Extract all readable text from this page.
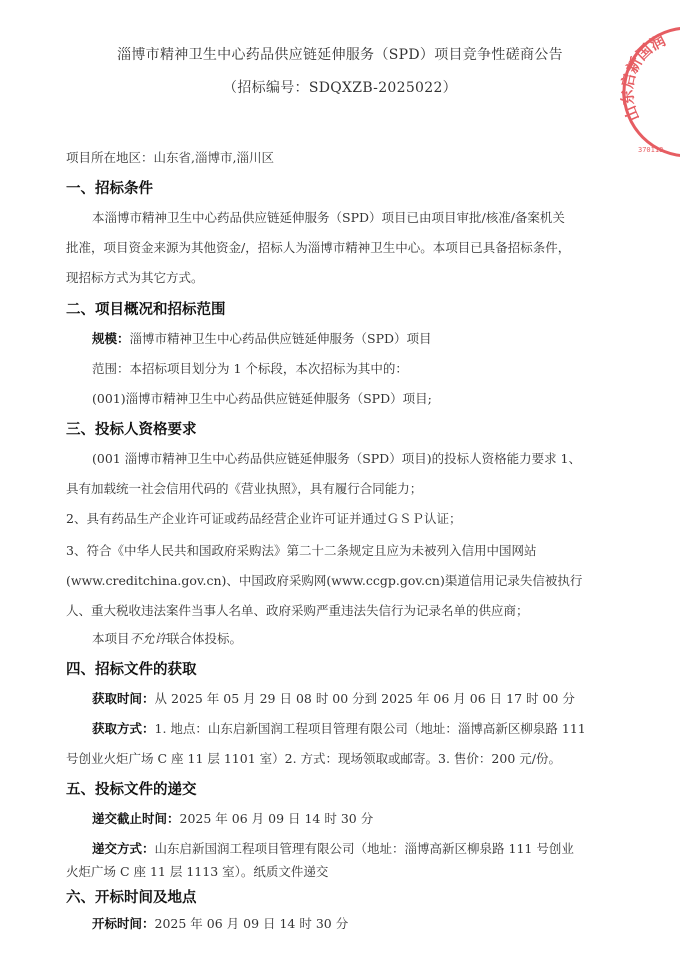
淄博市精神卫生中心药品供应链延伸服务（SPD）项目竞争性磋商公告
（招标编号：SDQXZB-2025022）
项目所在地区：山东省,淄博市,淄川区
一、招标条件
本淄博市精神卫生中心药品供应链延伸服务（SPD）项目已由项目审批/核准/备案机关
批准，项目资金来源为其他资金/，招标人为淄博市精神卫生中心。本项目已具备招标条件，
现招标方式为其它方式。
二、项目概况和招标范围
规模：淄博市精神卫生中心药品供应链延伸服务（SPD）项目
范围：本招标项目划分为 1 个标段，本次招标为其中的：
(001)淄博市精神卫生中心药品供应链延伸服务（SPD）项目;
三、投标人资格要求
(001 淄博市精神卫生中心药品供应链延伸服务（SPD）项目)的投标人资格能力要求 1、
具有加载统一社会信用代码的《营业执照》，具有履行合同能力；
2、具有药品生产企业许可证或药品经营企业许可证并通过ＧＳＰ认证；
3、符合《中华人民共和国政府采购法》第二十二条规定且应为未被列入信用中国网站
(www.creditchina.gov.cn)、中国政府采购网(www.ccgp.gov.cn)渠道信用记录失信被执行
人、重大税收违法案件当事人名单、政府采购严重违法失信行为记录名单的供应商；
本项目不允许联合体投标。
四、招标文件的获取
获取时间：从 2025 年 05 月 29 日 08 时 00 分到 2025 年 06 月 06 日 17 时 00 分
获取方式：1. 地点：山东启新国润工程项目管理有限公司（地址：淄博高新区柳泉路 111
号创业火炬广场 C 座 11 层 1101 室）2. 方式：现场领取或邮寄。3. 售价：200 元/份。
五、投标文件的递交
递交截止时间：2025 年 06 月 09 日 14 时 30 分
递交方式：山东启新国润工程项目管理有限公司（地址：淄博高新区柳泉路 111 号创业
火炬广场 C 座 11 层 1113 室）。纸质文件递交
六、开标时间及地点
开标时间：2025 年 06 月 09 日 14 时 30 分
山东启新国润
370113
